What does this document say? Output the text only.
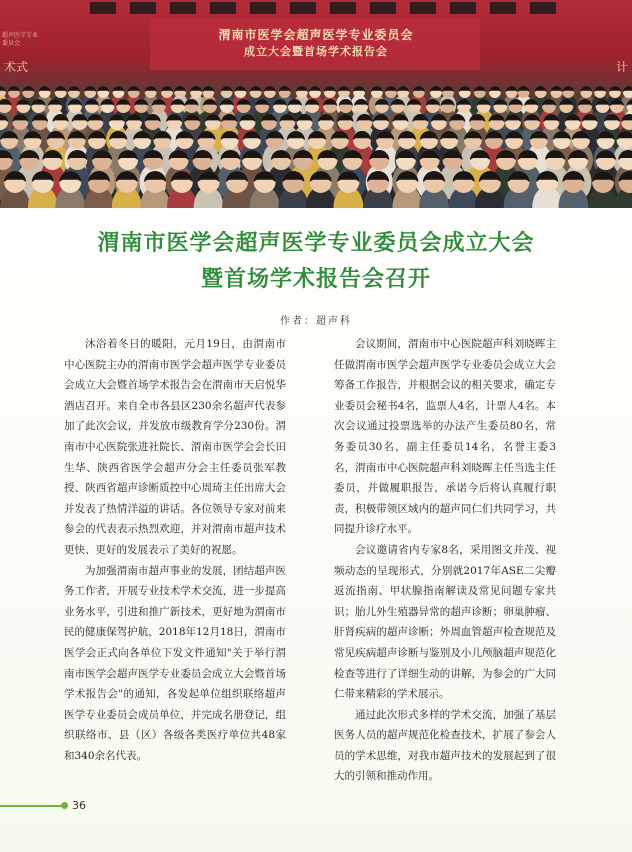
渭南市医学会超声医学专业委员会
成立大会暨首场学术报告会
超声医学专业委员会
术式	计
渭南市医学会超声医学专业委员会成立大会
暨首场学术报告会召开
作者：超声科

沐浴着冬日的暖阳，元月19日，由渭南市中心医院主办的渭南市医学会超声医学专业委员会成立大会暨首场学术报告会在渭南市天启悦华酒店召开。来自全市各县区230余名超声代表参加了此次会议，并发放市级教育学分230份。渭南市中心医院张进社院长、渭南市医学会会长田生华、陕西省医学会超声分会主任委员张军教授、陕西省超声诊断质控中心周琦主任出席大会并发表了热情洋溢的讲话。各位领导专家对前来参会的代表表示热烈欢迎，并对渭南市超声技术更快、更好的发展表示了美好的祝愿。

为加强渭南市超声事业的发展，团结超声医务工作者，开展专业技术学术交流，进一步提高业务水平，引进和推广新技术，更好地为渭南市民的健康保驾护航，2018年12月18日，渭南市医学会正式向各单位下发文件通知"关于举行渭南市医学会超声医学专业委员会成立大会暨首场学术报告会"的通知，各发起单位组织联络超声医学专业委员会成员单位，并完成名册登记，组织联络市、县（区）各级各类医疗单位共48家和340余名代表。

会议期间，渭南市中心医院超声科刘晓晖主任做渭南市医学会超声医学专业委员会成立大会筹备工作报告，并根据会议的相关要求，确定专业委员会秘书4名，监票人4名，计票人4名。本次会议通过投票选举的办法产生委员80名，常务委员30名，副主任委员14名，名誉主委3名，渭南市中心医院超声科刘晓晖主任当选主任委员，并做履职报告，承诺今后将认真履行职责，积极带领区域内的超声同仁们共同学习，共同提升诊疗水平。

会议邀请省内专家8名，采用图文并茂、视频动态的呈现形式，分别就2017年ASE二尖瓣返流指南、甲状腺指南解读及常见问题专家共识；胎儿外生殖器异常的超声诊断；卵巢肿瘤、肝肾疾病的超声诊断；外周血管超声检查规范及常见疾病超声诊断与鉴别及小儿颅脑超声规范化检查等进行了详细生动的讲解，为参会的广大同仁带来精彩的学术展示。

通过此次形式多样的学术交流，加强了基层医务人员的超声规范化检查技术，扩展了参会人员的学术思维，对我市超声技术的发展起到了很大的引领和推动作用。

36
